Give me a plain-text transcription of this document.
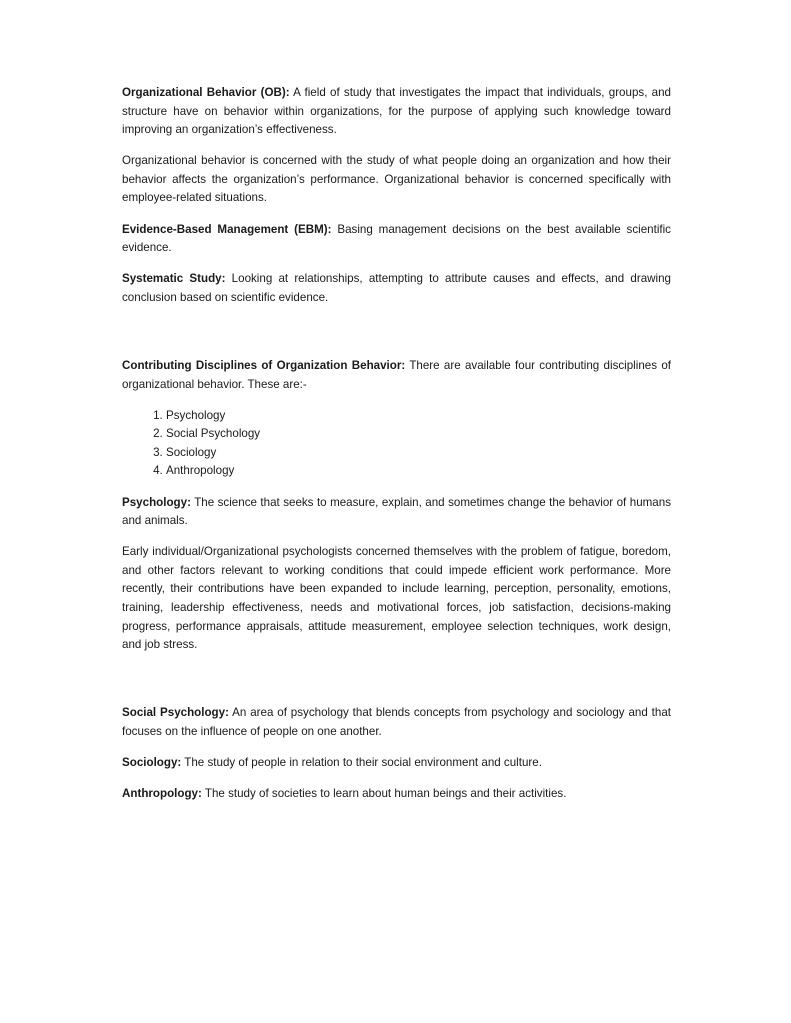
Organizational Behavior (OB): A field of study that investigates the impact that individuals, groups, and structure have on behavior within organizations, for the purpose of applying such knowledge toward improving an organization’s effectiveness.

Organizational behavior is concerned with the study of what people doing an organization and how their behavior affects the organization’s performance. Organizational behavior is concerned specifically with employee-related situations.

Evidence-Based Management (EBM): Basing management decisions on the best available scientific evidence.

Systematic Study: Looking at relationships, attempting to attribute causes and effects, and drawing conclusion based on scientific evidence.

Contributing Disciplines of Organization Behavior: There are available four contributing disciplines of organizational behavior. These are:-

1. Psychology
2. Social Psychology
3. Sociology
4. Anthropology

Psychology: The science that seeks to measure, explain, and sometimes change the behavior of humans and animals.

Early individual/Organizational psychologists concerned themselves with the problem of fatigue, boredom, and other factors relevant to working conditions that could impede efficient work performance. More recently, their contributions have been expanded to include learning, perception, personality, emotions, training, leadership effectiveness, needs and motivational forces, job satisfaction, decisions-making progress, performance appraisals, attitude measurement, employee selection techniques, work design, and job stress.

Social Psychology: An area of psychology that blends concepts from psychology and sociology and that focuses on the influence of people on one another.

Sociology: The study of people in relation to their social environment and culture.

Anthropology: The study of societies to learn about human beings and their activities.
